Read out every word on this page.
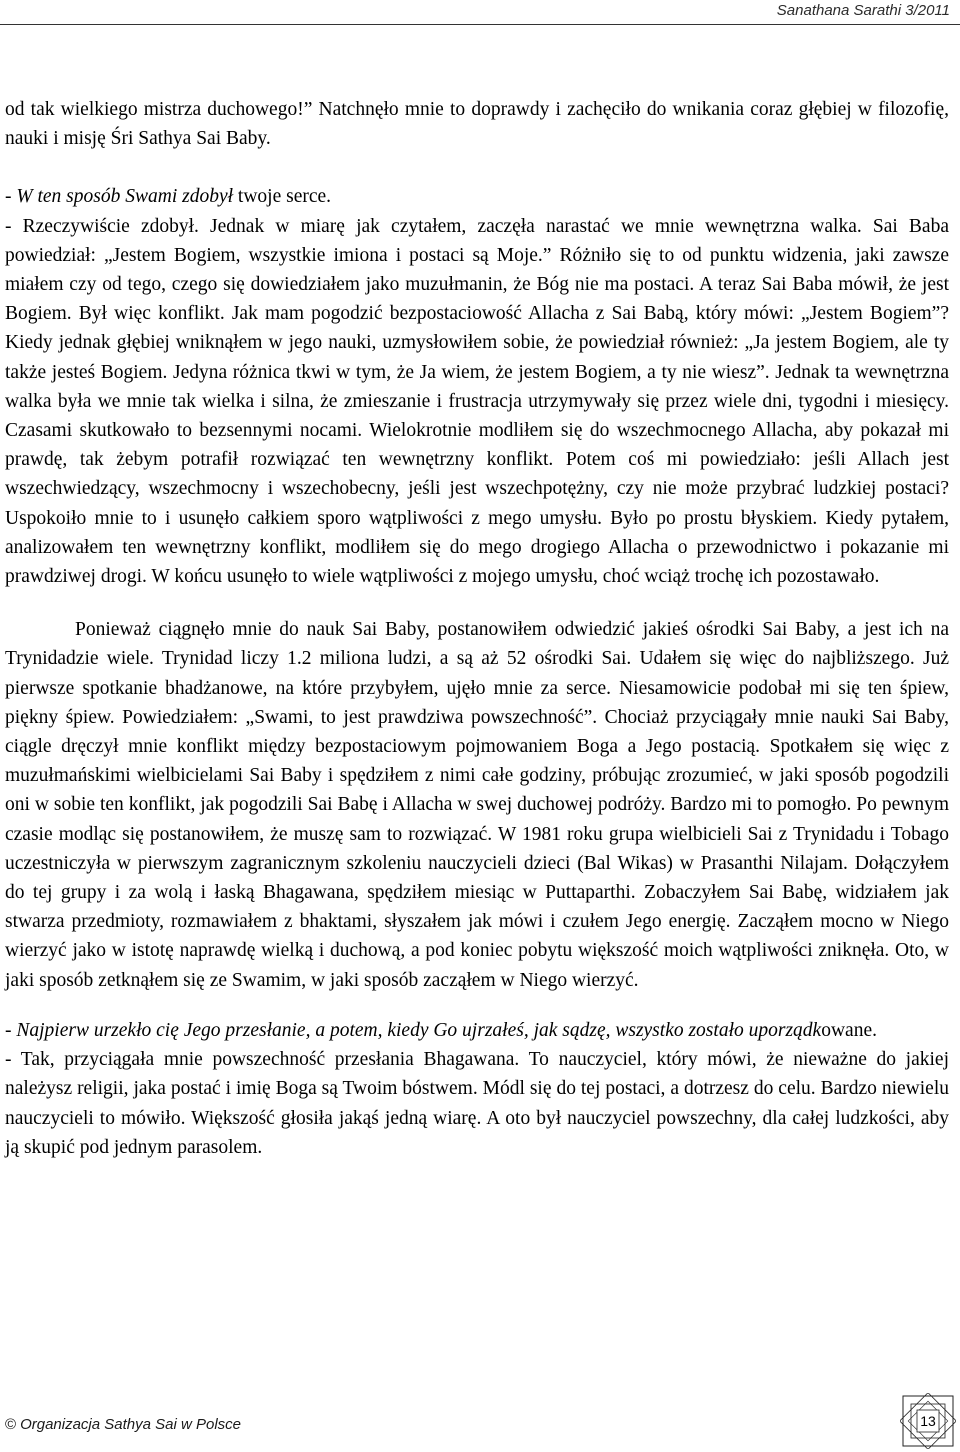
Sanathana Sarathi 3/2011

od tak wielkiego mistrza duchowego!” Natchnęło mnie to doprawdy i zachęciło do wnikania coraz głębiej w filozofię, nauki i misję Śri Sathya Sai Baby.

- W ten sposób Swami zdobył twoje serce.

- Rzeczywiście zdobył. Jednak w miarę jak czytałem, zaczęła narastać we mnie wewnętrzna walka. Sai Baba powiedział: „Jestem Bogiem, wszystkie imiona i postaci są Moje.” Różniło się to od punktu widzenia, jaki zawsze miałem czy od tego, czego się dowiedziałem jako muzułmanin, że Bóg nie ma postaci. A teraz Sai Baba mówił, że jest Bogiem. Był więc konflikt. Jak mam pogodzić bezpostaciowość Allacha z Sai Babą, który mówi: „Jestem Bogiem”? Kiedy jednak głębiej wniknąłem w jego nauki, uzmysłowiłem sobie, że powiedział również: „Ja jestem Bogiem, ale ty także jesteś Bogiem. Jedyna różnica tkwi w tym, że Ja wiem, że jestem Bogiem, a ty nie wiesz”. Jednak ta wewnętrzna walka była we mnie tak wielka i silna, że zmieszanie i frustracja utrzymywały się przez wiele dni, tygodni i miesięcy. Czasami skutkowało to bezsennymi nocami. Wielokrotnie modliłem się do wszechmocnego Allacha, aby pokazał mi prawdę, tak żebym potrafił rozwiązać ten wewnętrzny konflikt. Potem coś mi powiedziało: jeśli Allach jest wszechwiedzący, wszechmocny i wszechobecny, jeśli jest wszechpotężny, czy nie może przybrać ludzkiej postaci? Uspokoiło mnie to i usunęło całkiem sporo wątpliwości z mego umysłu. Było po prostu błyskiem. Kiedy pytałem, analizowałem ten wewnętrzny konflikt, modliłem się do mego drogiego Allacha o przewodnictwo i pokazanie mi prawdziwej drogi. W końcu usunęło to wiele wątpliwości z mojego umysłu, choć wciąż trochę ich pozostawało.

Ponieważ ciągnęło mnie do nauk Sai Baby, postanowiłem odwiedzić jakieś ośrodki Sai Baby, a jest ich na Trynidadzie wiele. Trynidad liczy 1.2 miliona ludzi, a są aż 52 ośrodki Sai. Udałem się więc do najbliższego. Już pierwsze spotkanie bhadżanowe, na które przybyłem, ujęło mnie za serce. Niesamowicie podobał mi się ten śpiew, piękny śpiew. Powiedziałem: „Swami, to jest prawdziwa powszechność”. Chociaż przyciągały mnie nauki Sai Baby, ciągle dręczył mnie konflikt między bezpostaciowym pojmowaniem Boga a Jego postacią. Spotkałem się więc z muzułmańskimi wielbicielami Sai Baby i spędziłem z nimi całe godziny, próbując zrozumieć, w jaki sposób pogodzili oni w sobie ten konflikt, jak pogodzili Sai Babę i Allacha w swej duchowej podróży. Bardzo mi to pomogło. Po pewnym czasie modląc się postanowiłem, że muszę sam to rozwiązać. W 1981 roku grupa wielbicieli Sai z Trynidadu i Tobago uczestniczyła w pierwszym zagranicznym szkoleniu nauczycieli dzieci (Bal Wikas) w Prasanthi Nilajam. Dołączyłem do tej grupy i za wolą i łaską Bhagawana, spędziłem miesiąc w Puttaparthi. Zobaczyłem Sai Babę, widziałem jak stwarza przedmioty, rozmawiałem z bhaktami, słyszałem jak mówi i czułem Jego energię. Zacząłem mocno w Niego wierzyć jako w istotę naprawdę wielką i duchową, a pod koniec pobytu większość moich wątpliwości zniknęła. Oto, w jaki sposób zetknąłem się ze Swamim, w jaki sposób zacząłem w Niego wierzyć.

- Najpierw urzekło cię Jego przesłanie, a potem, kiedy Go ujrzałeś, jak sądzę, wszystko zostało uporządkowane.

- Tak, przyciągała mnie powszechność przesłania Bhagawana. To nauczyciel, który mówi, że nieważne do jakiej należysz religii, jaka postać i imię Boga są Twoim bóstwem. Módl się do tej postaci, a dotrzesz do celu. Bardzo niewielu nauczycieli to mówiło. Większość głosiła jakąś jedną wiarę. A oto był nauczyciel powszechny, dla całej ludzkości, aby ją skupić pod jednym parasolem.

© Organizacja Sathya Sai w Polsce	13
